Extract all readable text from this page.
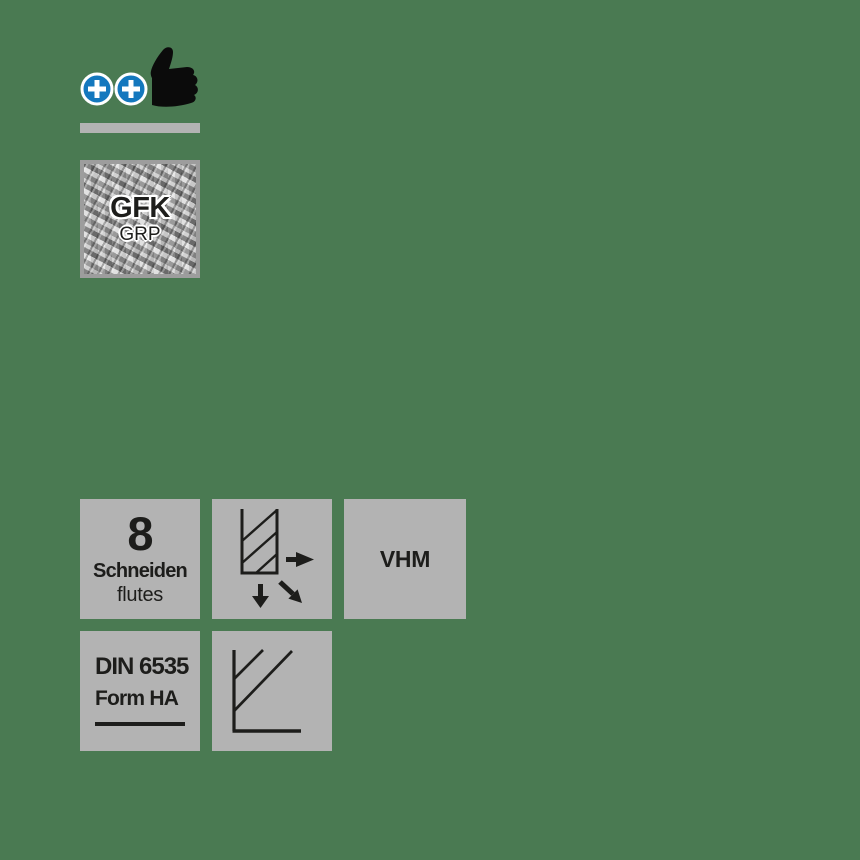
GFK
GRP
8
Schneiden
flutes
VHM
DIN 6535
Form HA
